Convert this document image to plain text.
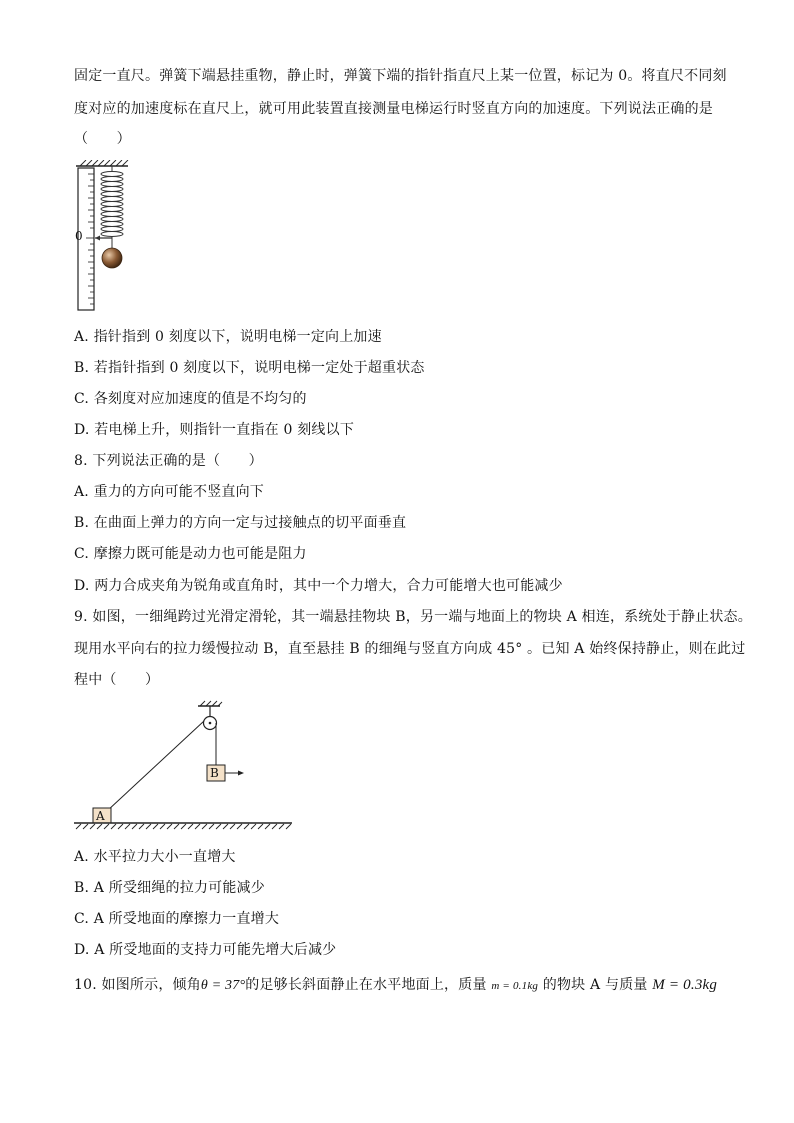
固定一直尺。弹簧下端悬挂重物，静止时，弹簧下端的指针指直尺上某一位置，标记为 0。将直尺不同刻
度对应的加速度标在直尺上，就可用此装置直接测量电梯运行时竖直方向的加速度。下列说法正确的是
（　　）
0
A. 指针指到 0 刻度以下，说明电梯一定向上加速
B. 若指针指到 0 刻度以下，说明电梯一定处于超重状态
C. 各刻度对应加速度的值是不均匀的
D. 若电梯上升，则指针一直指在 0 刻线以下
8. 下列说法正确的是（　　）
A. 重力的方向可能不竖直向下
B. 在曲面上弹力的方向一定与过接触点的切平面垂直
C. 摩擦力既可能是动力也可能是阻力
D. 两力合成夹角为锐角或直角时，其中一个力增大，合力可能增大也可能减少
9. 如图，一细绳跨过光滑定滑轮，其一端悬挂物块 B，另一端与地面上的物块 A 相连，系统处于静止状态。
现用水平向右的拉力缓慢拉动 B，直至悬挂 B 的细绳与竖直方向成 45° 。已知 A 始终保持静止，则在此过
程中（　　）
B
A
A. 水平拉力大小一直增大
B. A 所受细绳的拉力可能减少
C. A 所受地面的摩擦力一直增大
D. A 所受地面的支持力可能先增大后减少
10. 如图所示，倾角θ = 37°的足够长斜面静止在水平地面上，质量 m = 0.1kg 的物块 A 与质量 M = 0.3kg
